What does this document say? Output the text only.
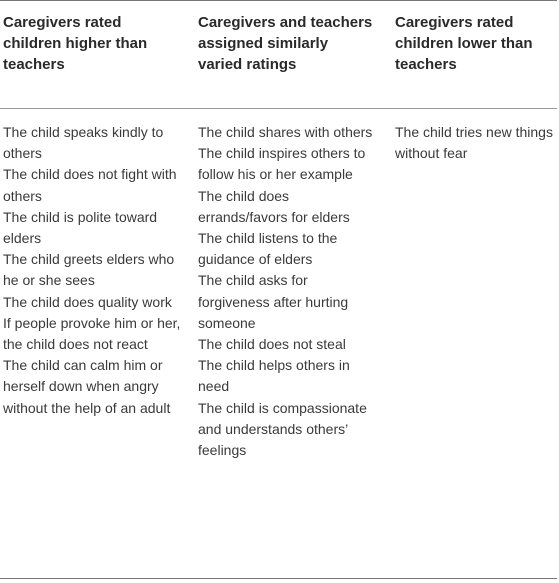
Caregivers rated children higher than teachers
Caregivers and teachers assigned similarly varied ratings
Caregivers rated children lower than teachers

The child speaks kindly to others

The child does not fight with others

The child is polite toward elders

The child greets elders who he or she sees

The child does quality work

If people provoke him or her, the child does not react

The child can calm him or herself down when angry without the help of an adult

The child shares with others

The child inspires others to follow his or her example

The child does errands/favors for elders

The child listens to the guidance of elders

The child asks for forgiveness after hurting someone

The child does not steal

The child helps others in need

The child is compassionate and understands others’ feelings

The child tries new things without fear
